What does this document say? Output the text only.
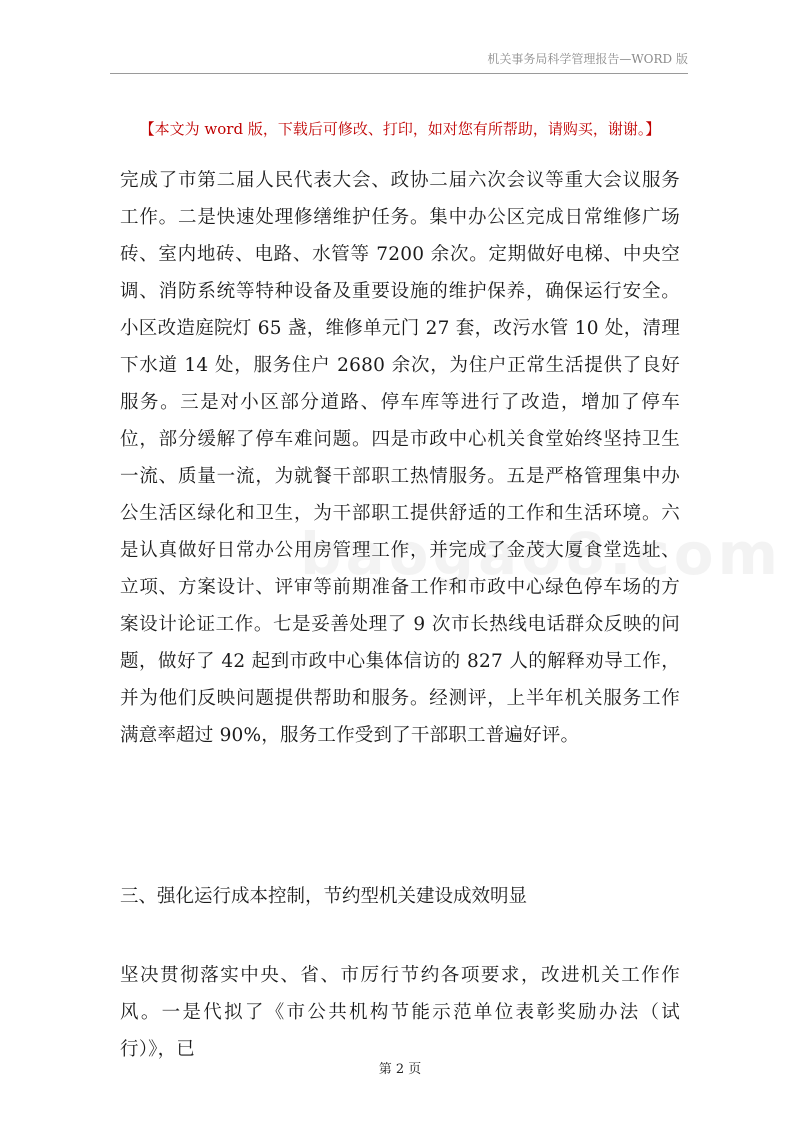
机关事务局科学管理报告—WORD 版
【本文为 word 版，下载后可修改、打印，如对您有所帮助，请购买，谢谢。】

完成了市第二届人民代表大会、政协二届六次会议等重大会议服务工作。二是快速处理修缮维护任务。集中办公区完成日常维修广场砖、室内地砖、电路、水管等 7200 余次。定期做好电梯、中央空调、消防系统等特种设备及重要设施的维护保养，确保运行安全。小区改造庭院灯 65 盏，维修单元门 27 套，改污水管 10 处，清理下水道 14 处，服务住户 2680 余次，为住户正常生活提供了良好服务。三是对小区部分道路、停车库等进行了改造，增加了停车位，部分缓解了停车难问题。四是市政中心机关食堂始终坚持卫生一流、质量一流，为就餐干部职工热情服务。五是严格管理集中办公生活区绿化和卫生，为干部职工提供舒适的工作和生活环境。六是认真做好日常办公用房管理工作，并完成了金茂大厦食堂选址、立项、方案设计、评审等前期准备工作和市政中心绿色停车场的方案设计论证工作。七是妥善处理了 9 次市长热线电话群众反映的问题，做好了 42 起到市政中心集体信访的 827 人的解释劝导工作，并为他们反映问题提供帮助和服务。经测评，上半年机关服务工作满意率超过 90%，服务工作受到了干部职工普遍好评。

三、强化运行成本控制，节约型机关建设成效明显

坚决贯彻落实中央、省、市厉行节约各项要求，改进机关工作作风。一是代拟了《市公共机构节能示范单位表彰奖励办法（试行）》，已

第 2 页
